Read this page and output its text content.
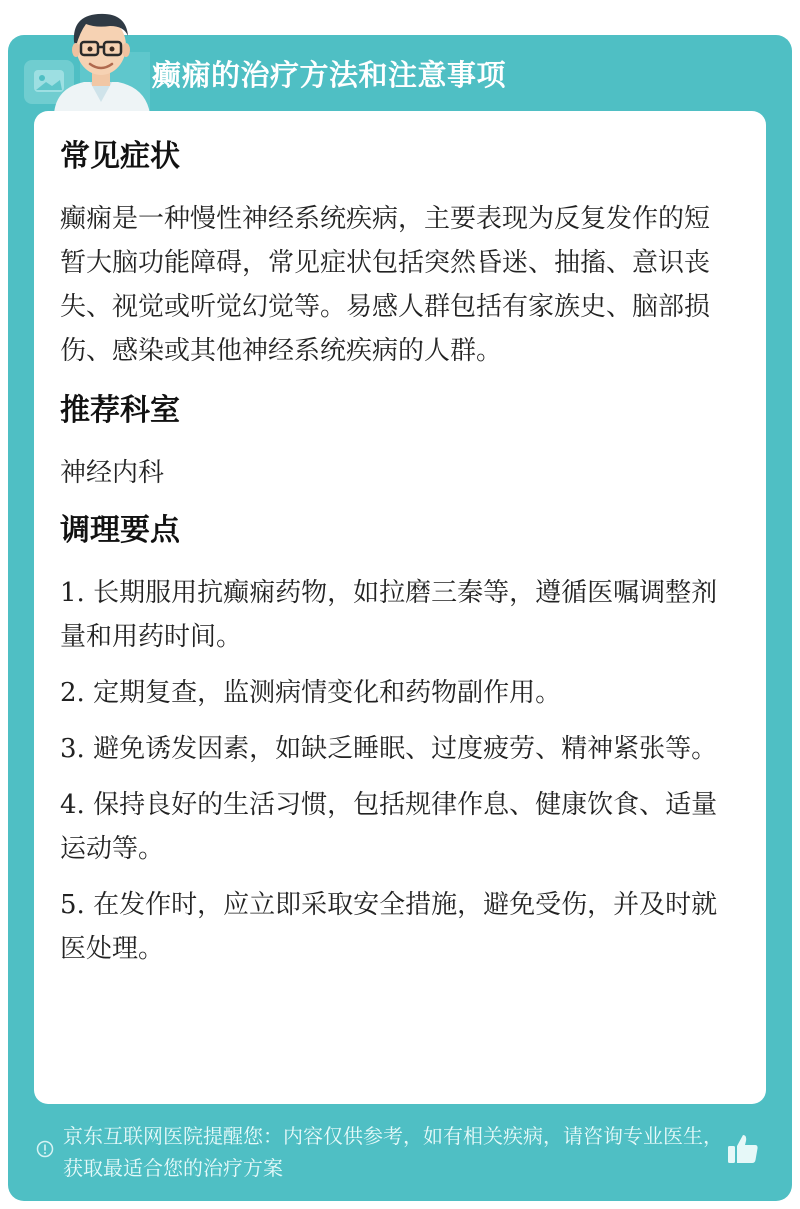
癫痫的治疗方法和注意事项
常见症状
癫痫是一种慢性神经系统疾病，主要表现为反复发作的短暂大脑功能障碍，常见症状包括突然昏迷、抽搐、意识丧失、视觉或听觉幻觉等。易感人群包括有家族史、脑部损伤、感染或其他神经系统疾病的人群。
推荐科室
神经内科
调理要点
1. 长期服用抗癫痫药物，如拉磨三秦等，遵循医嘱调整剂量和用药时间。
2. 定期复查，监测病情变化和药物副作用。
3. 避免诱发因素，如缺乏睡眠、过度疲劳、精神紧张等。
4. 保持良好的生活习惯，包括规律作息、健康饮食、适量运动等。
5. 在发作时，应立即采取安全措施，避免受伤，并及时就医处理。
京东互联网医院提醒您：内容仅供参考，如有相关疾病，请咨询专业医生，获取最适合您的治疗方案
